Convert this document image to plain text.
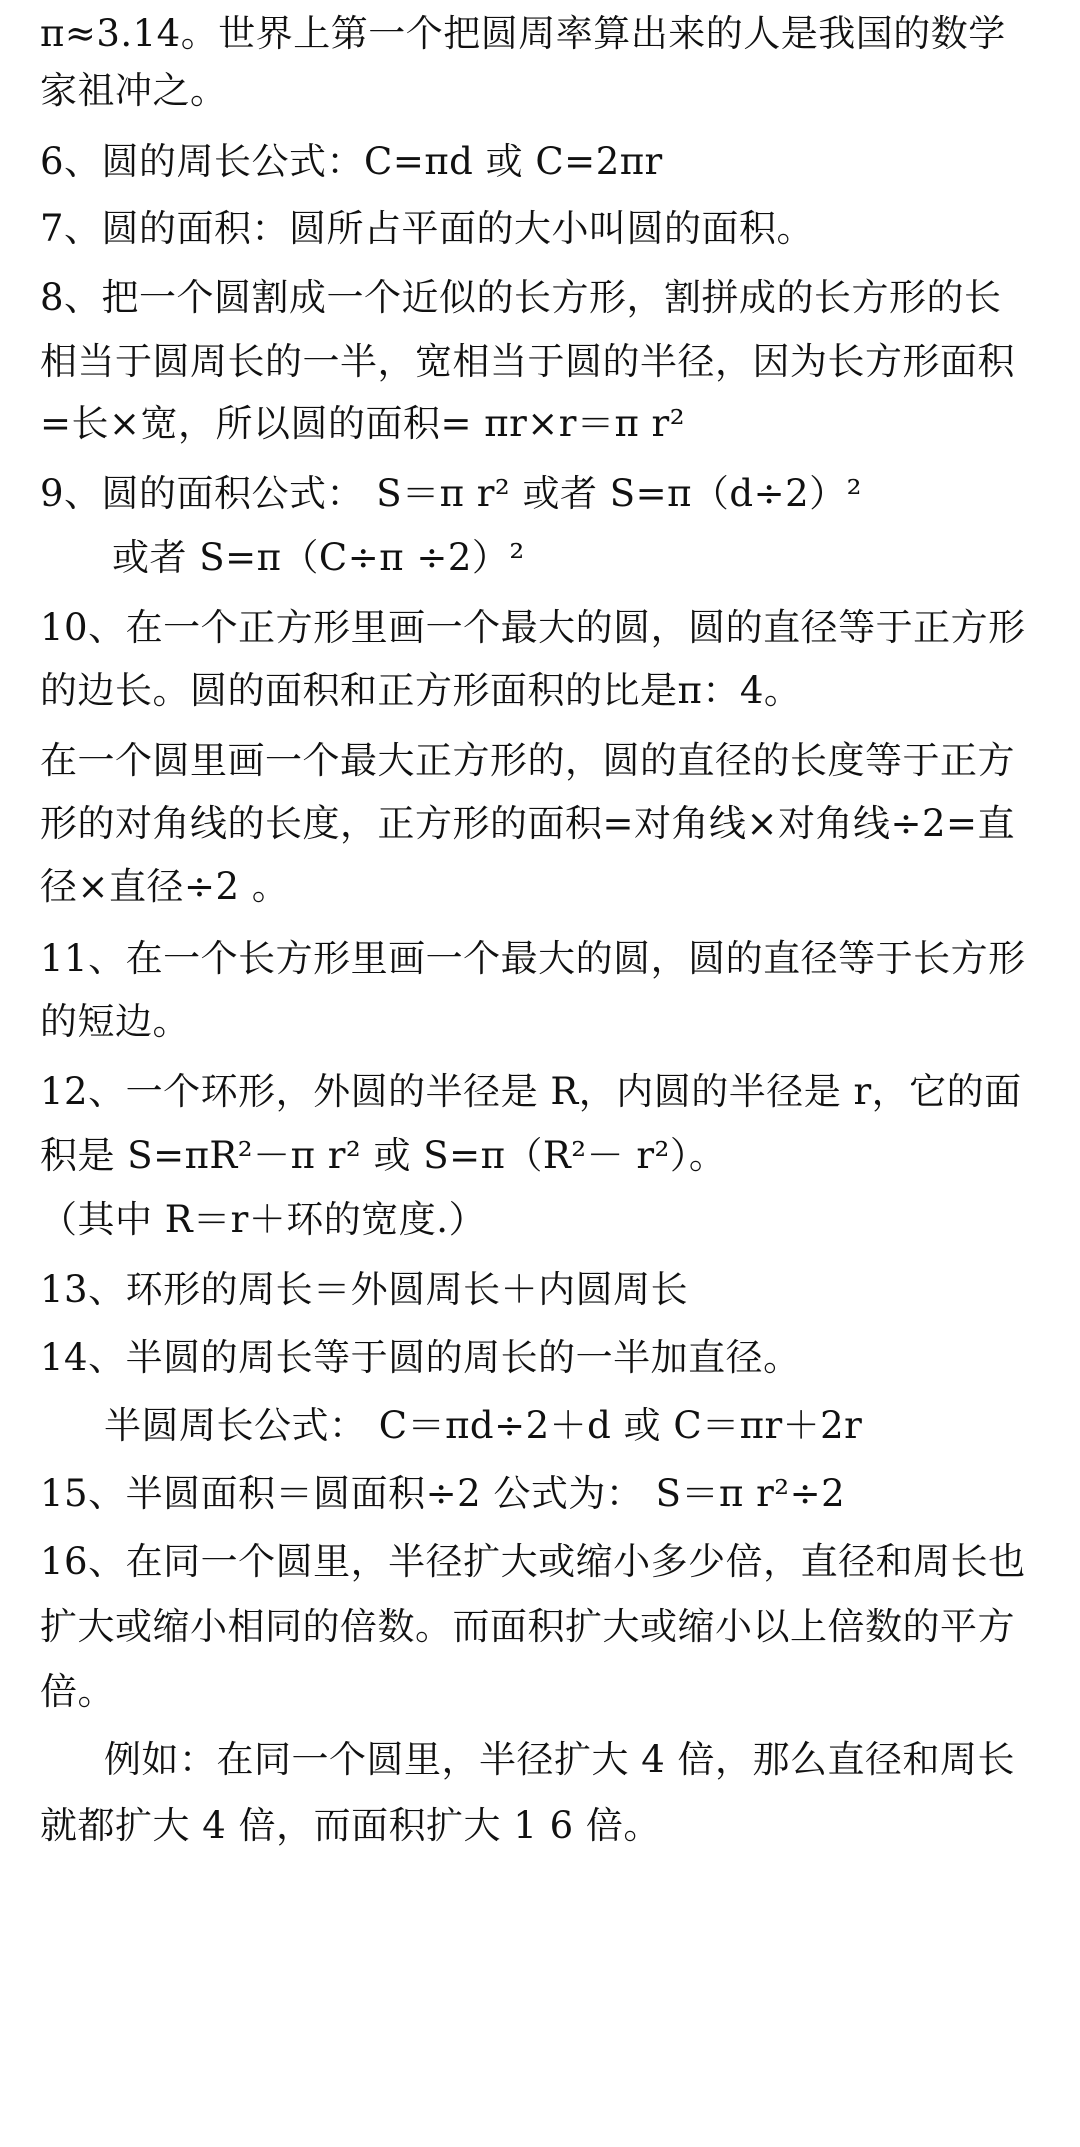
π≈3.14。世界上第一个把圆周率算出来的人是我国的数学
家祖冲之。
6、圆的周长公式：C=πd 或 C=2πr
7、圆的面积：圆所占平面的大小叫圆的面积。
8、把一个圆割成一个近似的长方形，割拼成的长方形的长
相当于圆周长的一半，宽相当于圆的半径，因为长方形面积
=长×宽，所以圆的面积= πr×r＝π r²
9、圆的面积公式： S＝π r² 或者 S=π（d÷2）²
或者 S=π（C÷π ÷2）²
10、在一个正方形里画一个最大的圆，圆的直径等于正方形
的边长。圆的面积和正方形面积的比是π：4。
在一个圆里画一个最大正方形的，圆的直径的长度等于正方
形的对角线的长度，正方形的面积=对角线×对角线÷2=直
径×直径÷2 。
11、在一个长方形里画一个最大的圆，圆的直径等于长方形
的短边。
12、一个环形，外圆的半径是 R，内圆的半径是 r，它的面
积是 S=πR²－π r² 或 S=π（R²－ r²）。
（其中 R＝r＋环的宽度.）
13、环形的周长＝外圆周长＋内圆周长
14、半圆的周长等于圆的周长的一半加直径。
半圆周长公式： C＝πd÷2＋d 或 C＝πr＋2r
15、半圆面积＝圆面积÷2 公式为： S＝π r²÷2
16、在同一个圆里，半径扩大或缩小多少倍，直径和周长也
扩大或缩小相同的倍数。而面积扩大或缩小以上倍数的平方
倍。
例如：在同一个圆里，半径扩大 4 倍，那么直径和周长
就都扩大 4 倍，而面积扩大 1 6 倍。
